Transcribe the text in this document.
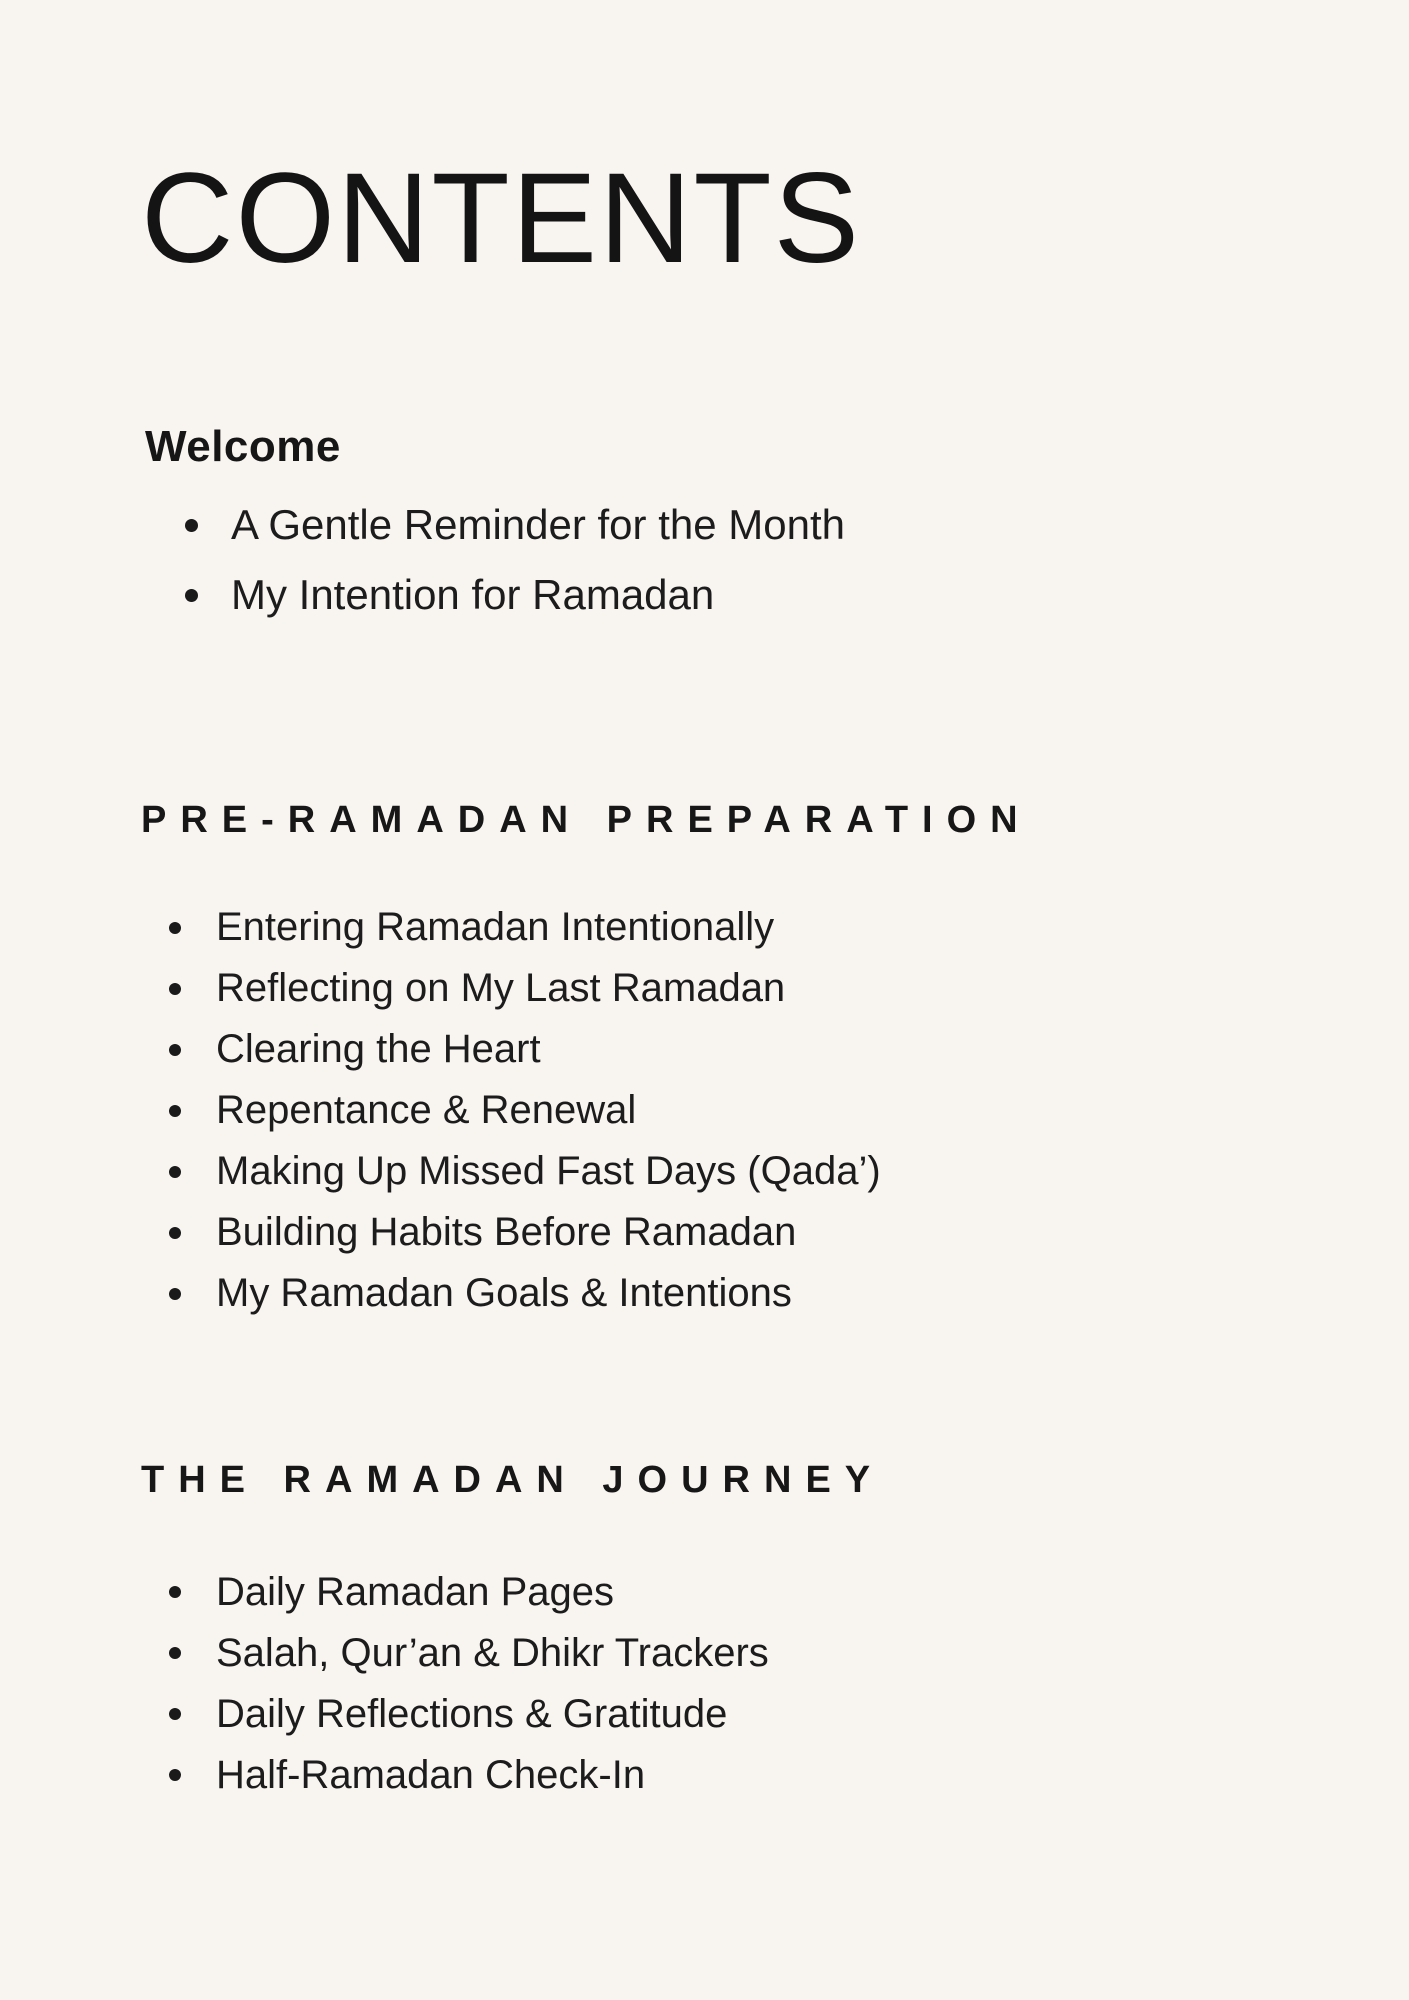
CONTENTS
Welcome
A Gentle Reminder for the Month
My Intention for Ramadan
PRE-RAMADAN PREPARATION
Entering Ramadan Intentionally
Reflecting on My Last Ramadan
Clearing the Heart
Repentance & Renewal
Making Up Missed Fast Days (Qada’)
Building Habits Before Ramadan
My Ramadan Goals & Intentions
THE RAMADAN JOURNEY
Daily Ramadan Pages
Salah, Qur’an & Dhikr Trackers
Daily Reflections & Gratitude
Half-Ramadan Check-In
